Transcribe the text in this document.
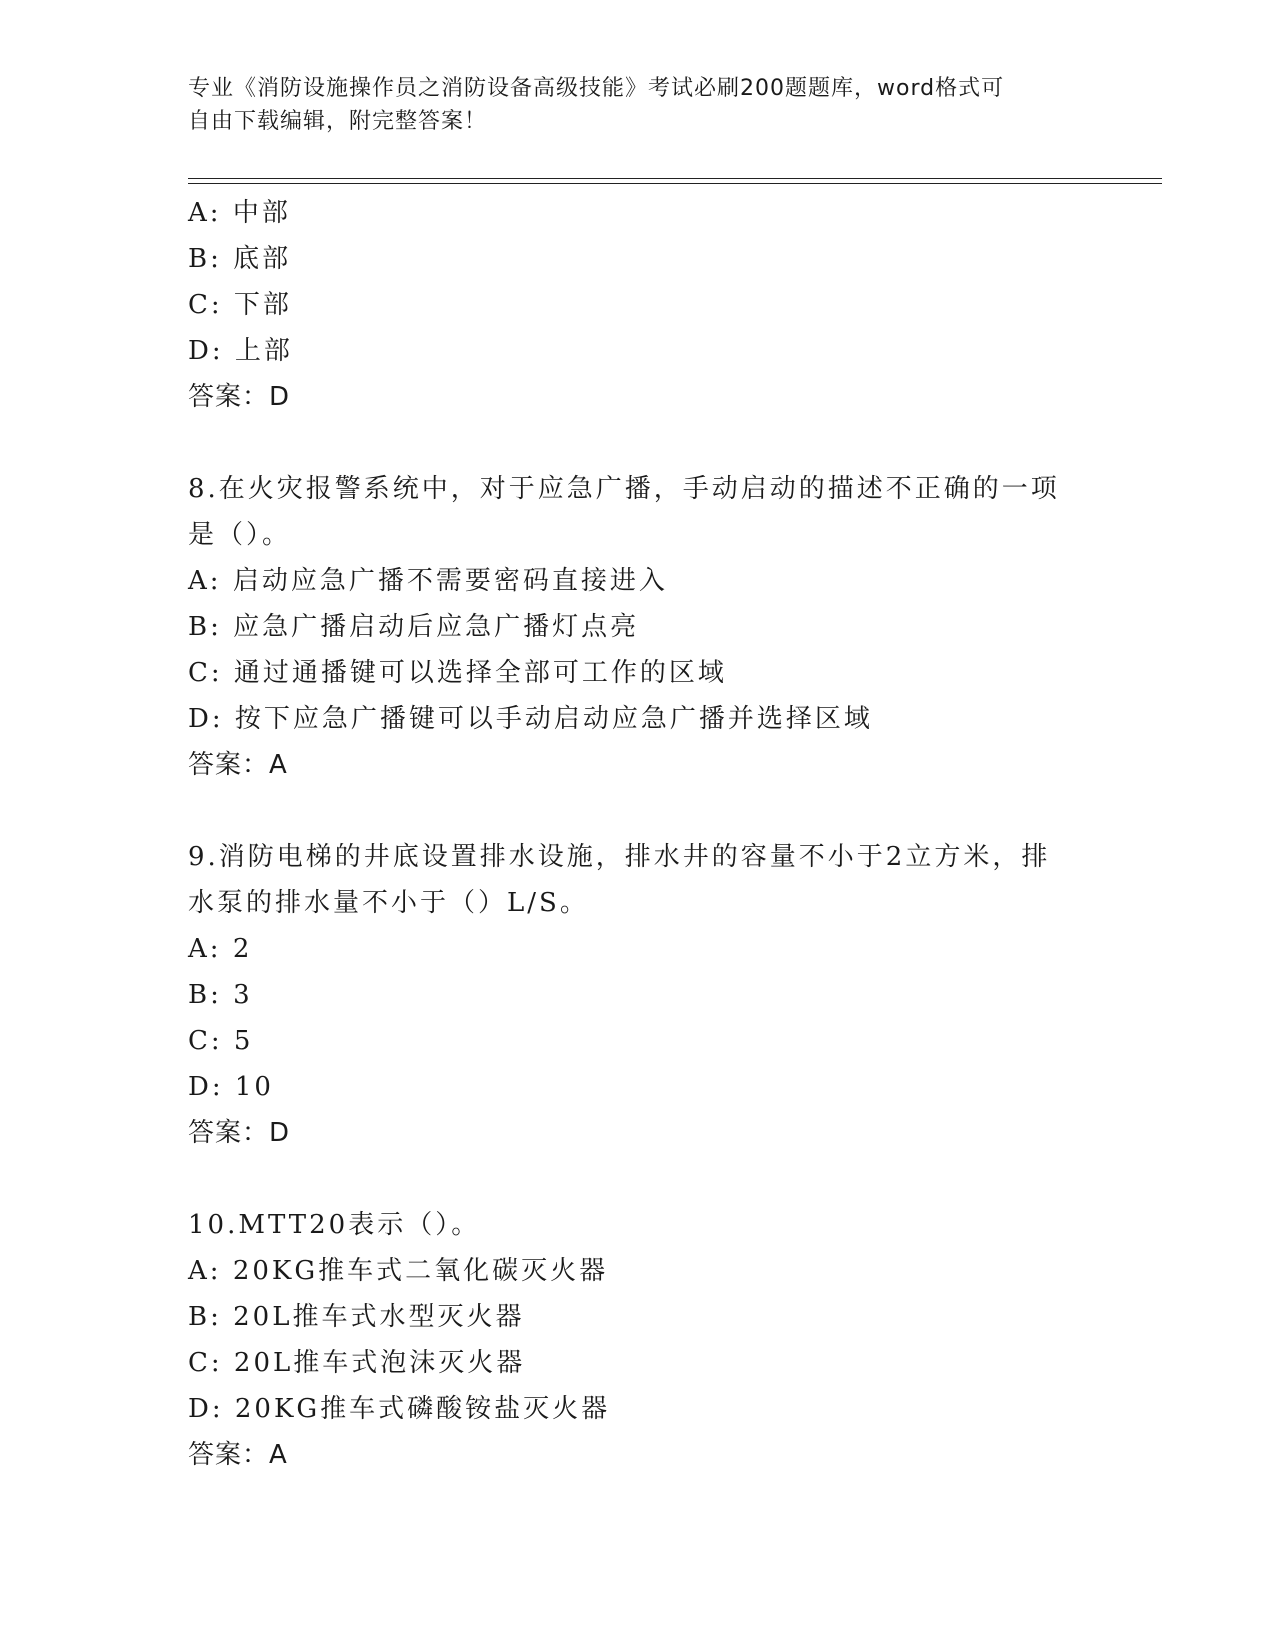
专业《消防设施操作员之消防设备高级技能》考试必刷200题题库，word格式可
自由下载编辑，附完整答案！

A: 中部

B: 底部

C: 下部

D: 上部

答案：D

8.在火灾报警系统中，对于应急广播，手动启动的描述不正确的一项

是（）。

A: 启动应急广播不需要密码直接进入

B: 应急广播启动后应急广播灯点亮

C: 通过通播键可以选择全部可工作的区域

D: 按下应急广播键可以手动启动应急广播并选择区域

答案：A

9.消防电梯的井底设置排水设施，排水井的容量不小于2立方米，排

水泵的排水量不小于（）L/S。

A: 2

B: 3

C: 5

D: 10

答案：D

10.MTT20表示（）。

A: 20KG推车式二氧化碳灭火器

B: 20L推车式水型灭火器

C: 20L推车式泡沫灭火器

D: 20KG推车式磷酸铵盐灭火器

答案：A
